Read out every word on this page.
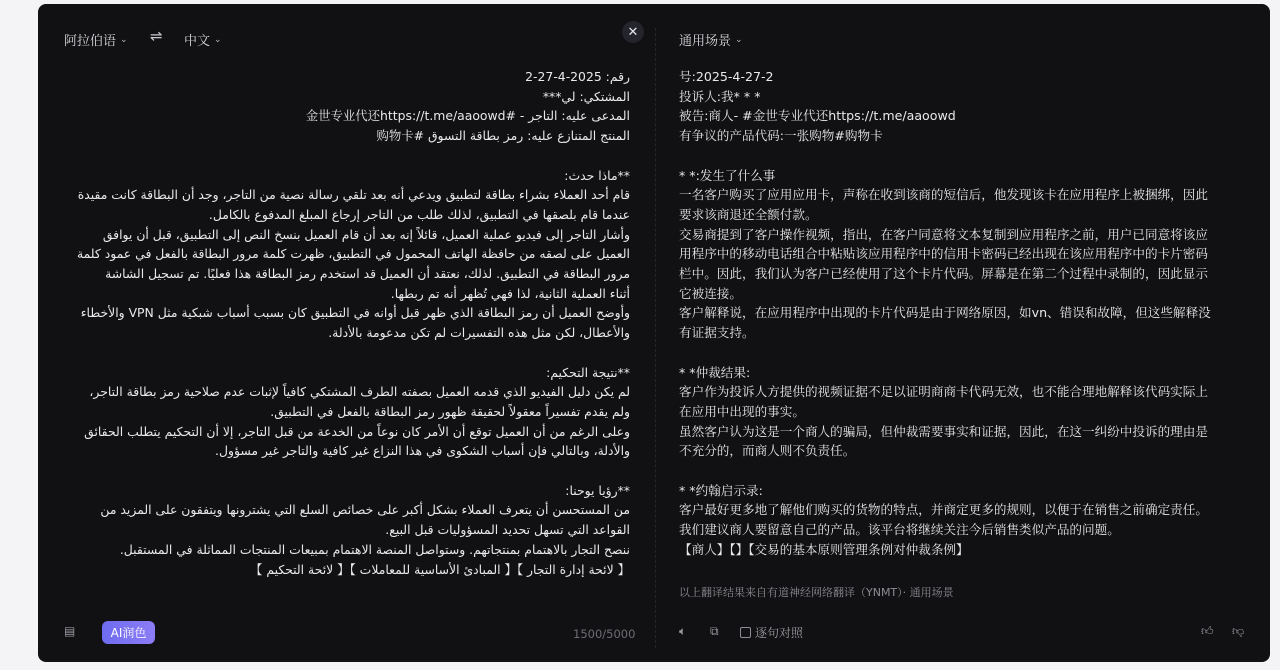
阿拉伯语 ⌄ ⇌ 中文 ⌄	✕
通用场景 ⌄
رقم: 2025-4-27-2
المشتكي: لي***
المدعى عليه: التاجر - #金世专业代还https://t.me/aaoowd
المنتج المتنازع عليه: رمز بطاقة التسوق #购物卡
**ماذا حدث:
قام أحد العملاء بشراء بطاقة لتطبيق ويدعي أنه بعد تلقي رسالة نصية من التاجر، وجد أن البطاقة كانت مقيدة
عندما قام بلصقها في التطبيق، لذلك طلب من التاجر إرجاع المبلغ المدفوع بالكامل.
وأشار التاجر إلى فيديو عملية العميل، قائلاً إنه بعد أن قام العميل بنسخ النص إلى التطبيق، قبل أن يوافق
العميل على لصقه من حافظة الهاتف المحمول في التطبيق، ظهرت كلمة مرور البطاقة بالفعل في عمود كلمة
مرور البطاقة في التطبيق. لذلك، نعتقد أن العميل قد استخدم رمز البطاقة هذا فعليًا. تم تسجيل الشاشة
أثناء العملية الثانية، لذا فهي تُظهر أنه تم ربطها.
وأوضح العميل أن رمز البطاقة الذي ظهر قبل أوانه في التطبيق كان بسبب أسباب شبكية مثل VPN والأخطاء
والأعطال، لكن مثل هذه التفسيرات لم تكن مدعومة بالأدلة.
**نتيجة التحكيم:
لم يكن دليل الفيديو الذي قدمه العميل بصفته الطرف المشتكي كافياً لإثبات عدم صلاحية رمز بطاقة التاجر،
ولم يقدم تفسيراً معقولاً لحقيقة ظهور رمز البطاقة بالفعل في التطبيق.
وعلى الرغم من أن العميل توقع أن الأمر كان نوعاً من الخدعة من قبل التاجر، إلا أن التحكيم يتطلب الحقائق
والأدلة، وبالتالي فإن أسباب الشكوى في هذا النزاع غير كافية والتاجر غير مسؤول.
**رؤيا يوحنا:
من المستحسن أن يتعرف العملاء بشكل أكبر على خصائص السلع التي يشترونها ويتفقون على المزيد من
القواعد التي تسهل تحديد المسؤوليات قبل البيع.
ننصح التجار بالاهتمام بمنتجاتهم. وستواصل المنصة الاهتمام بمبيعات المنتجات المماثلة في المستقبل.
【 لائحة إدارة التجار 】【 المبادئ الأساسية للمعاملات 】【 لائحة التحكيم 】
号:2025-4-27-2
投诉人:我* * *
被告:商人- #金世专业代还https://t.me/aaoowd
有争议的产品代码:一张购物#购物卡
* *:发生了什么事
一名客户购买了应用应用卡，声称在收到该商的短信后，他发现该卡在应用程序上被捆绑，因此
要求该商退还全额付款。
交易商提到了客户操作视频，指出，在客户同意将文本复制到应用程序之前，用户已同意将该应
用程序中的移动电话组合中粘贴该应用程序中的信用卡密码已经出现在该应用程序中的卡片密码
栏中。因此，我们认为客户已经使用了这个卡片代码。屏幕是在第二个过程中录制的，因此显示
它被连接。
客户解释说，在应用程序中出现的卡片代码是由于网络原因，如vn、错误和故障，但这些解释没
有证据支持。
* *仲裁结果:
客户作为投诉人方提供的视频证据不足以证明商商卡代码无效，也不能合理地解释该代码实际上
在应用中出现的事实。
虽然客户认为这是一个商人的骗局，但仲裁需要事实和证据，因此，在这一纠纷中投诉的理由是
不充分的，而商人则不负责任。
* *约翰启示录:
客户最好更多地了解他们购买的货物的特点，并商定更多的规则，以便于在销售之前确定责任。
我们建议商人要留意自己的产品。该平台将继续关注今后销售类似产品的问题。
【商人】【】【交易的基本原则管理条例对仲裁条例】
以上翻译结果来自有道神经网络翻译（YNMT）· 通用场景
▤	AI润色	1500/5000	🔈︎ ⧉	逐句对照	👍︎ 👎︎
